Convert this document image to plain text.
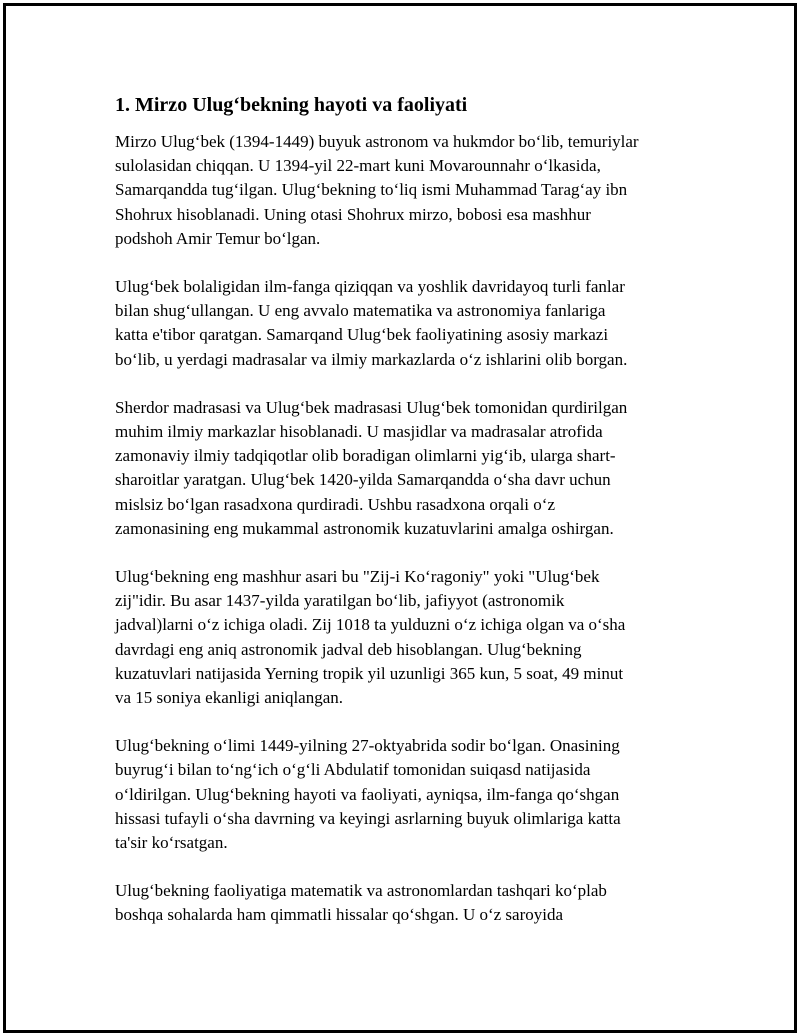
1. Mirzo Ulug‘bekning hayoti va faoliyati

Mirzo Ulug‘bek (1394-1449) buyuk astronom va hukmdor bo‘lib, temuriylar
sulolasidan chiqqan. U 1394-yil 22-mart kuni Movarounnahr o‘lkasida,
Samarqandda tug‘ilgan. Ulug‘bekning to‘liq ismi Muhammad Tarag‘ay ibn
Shohrux hisoblanadi. Uning otasi Shohrux mirzo, bobosi esa mashhur
podshoh Amir Temur bo‘lgan.

Ulug‘bek bolaligidan ilm-fanga qiziqqan va yoshlik davridayoq turli fanlar
bilan shug‘ullangan. U eng avvalo matematika va astronomiya fanlariga
katta e'tibor qaratgan. Samarqand Ulug‘bek faoliyatining asosiy markazi
bo‘lib, u yerdagi madrasalar va ilmiy markazlarda o‘z ishlarini olib borgan.

Sherdor madrasasi va Ulug‘bek madrasasi Ulug‘bek tomonidan qurdirilgan
muhim ilmiy markazlar hisoblanadi. U masjidlar va madrasalar atrofida
zamonaviy ilmiy tadqiqotlar olib boradigan olimlarni yig‘ib, ularga shart-
sharoitlar yaratgan. Ulug‘bek 1420-yilda Samarqandda o‘sha davr uchun
mislsiz bo‘lgan rasadxona qurdiradi. Ushbu rasadxona orqali o‘z
zamonasining eng mukammal astronomik kuzatuvlarini amalga oshirgan.

Ulug‘bekning eng mashhur asari bu "Zij-i Ko‘ragoniy" yoki "Ulug‘bek
zij"idir. Bu asar 1437-yilda yaratilgan bo‘lib, jafiyyot (astronomik
jadval)larni o‘z ichiga oladi. Zij 1018 ta yulduzni o‘z ichiga olgan va o‘sha
davrdagi eng aniq astronomik jadval deb hisoblangan. Ulug‘bekning
kuzatuvlari natijasida Yerning tropik yil uzunligi 365 kun, 5 soat, 49 minut
va 15 soniya ekanligi aniqlangan.

Ulug‘bekning o‘limi 1449-yilning 27-oktyabrida sodir bo‘lgan. Onasining
buyrug‘i bilan to‘ng‘ich o‘g‘li Abdulatif tomonidan suiqasd natijasida
o‘ldirilgan. Ulug‘bekning hayoti va faoliyati, ayniqsa, ilm-fanga qo‘shgan
hissasi tufayli o‘sha davrning va keyingi asrlarning buyuk olimlariga katta
ta'sir ko‘rsatgan.

Ulug‘bekning faoliyatiga matematik va astronomlardan tashqari ko‘plab
boshqa sohalarda ham qimmatli hissalar qo‘shgan. U o‘z saroyida
